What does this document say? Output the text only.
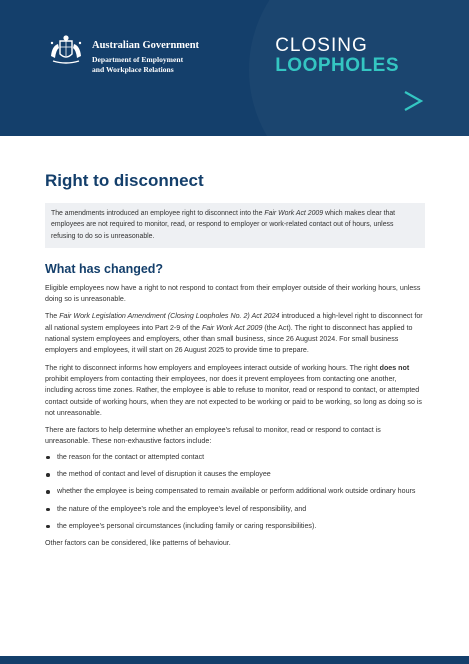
Australian Government
Department of Employment
and Workplace Relations
CLOSING
LOOPHOLES
Right to disconnect
The amendments introduced an employee right to disconnect into the Fair Work Act 2009 which makes clear that employees are not required to monitor, read, or respond to employer or work-related contact out of hours, unless refusing to do so is unreasonable.
What has changed?

Eligible employees now have a right to not respond to contact from their employer outside of their working hours, unless doing so is unreasonable.

The Fair Work Legislation Amendment (Closing Loopholes No. 2) Act 2024 introduced a high-level right to disconnect for all national system employees into Part 2-9 of the Fair Work Act 2009 (the Act). The right to disconnect has applied to national system employees and employers, other than small business, since 26 August 2024. For small business employers and employees, it will start on 26 August 2025 to provide time to prepare.

The right to disconnect informs how employers and employees interact outside of working hours. The right does not prohibit employers from contacting their employees, nor does it prevent employees from contacting one another, including across time zones. Rather, the employee is able to refuse to monitor, read or respond to contact, or attempted contact outside of working hours, when they are not expected to be working or paid to be working, so long as doing so is not unreasonable.

There are factors to help determine whether an employee’s refusal to monitor, read or respond to contact is unreasonable. These non-exhaustive factors include:

the reason for the contact or attempted contact
the method of contact and level of disruption it causes the employee
whether the employee is being compensated to remain available or perform additional work outside ordinary hours
the nature of the employee’s role and the employee’s level of responsibility, and
the employee’s personal circumstances (including family or caring responsibilities).

Other factors can be considered, like patterns of behaviour.
